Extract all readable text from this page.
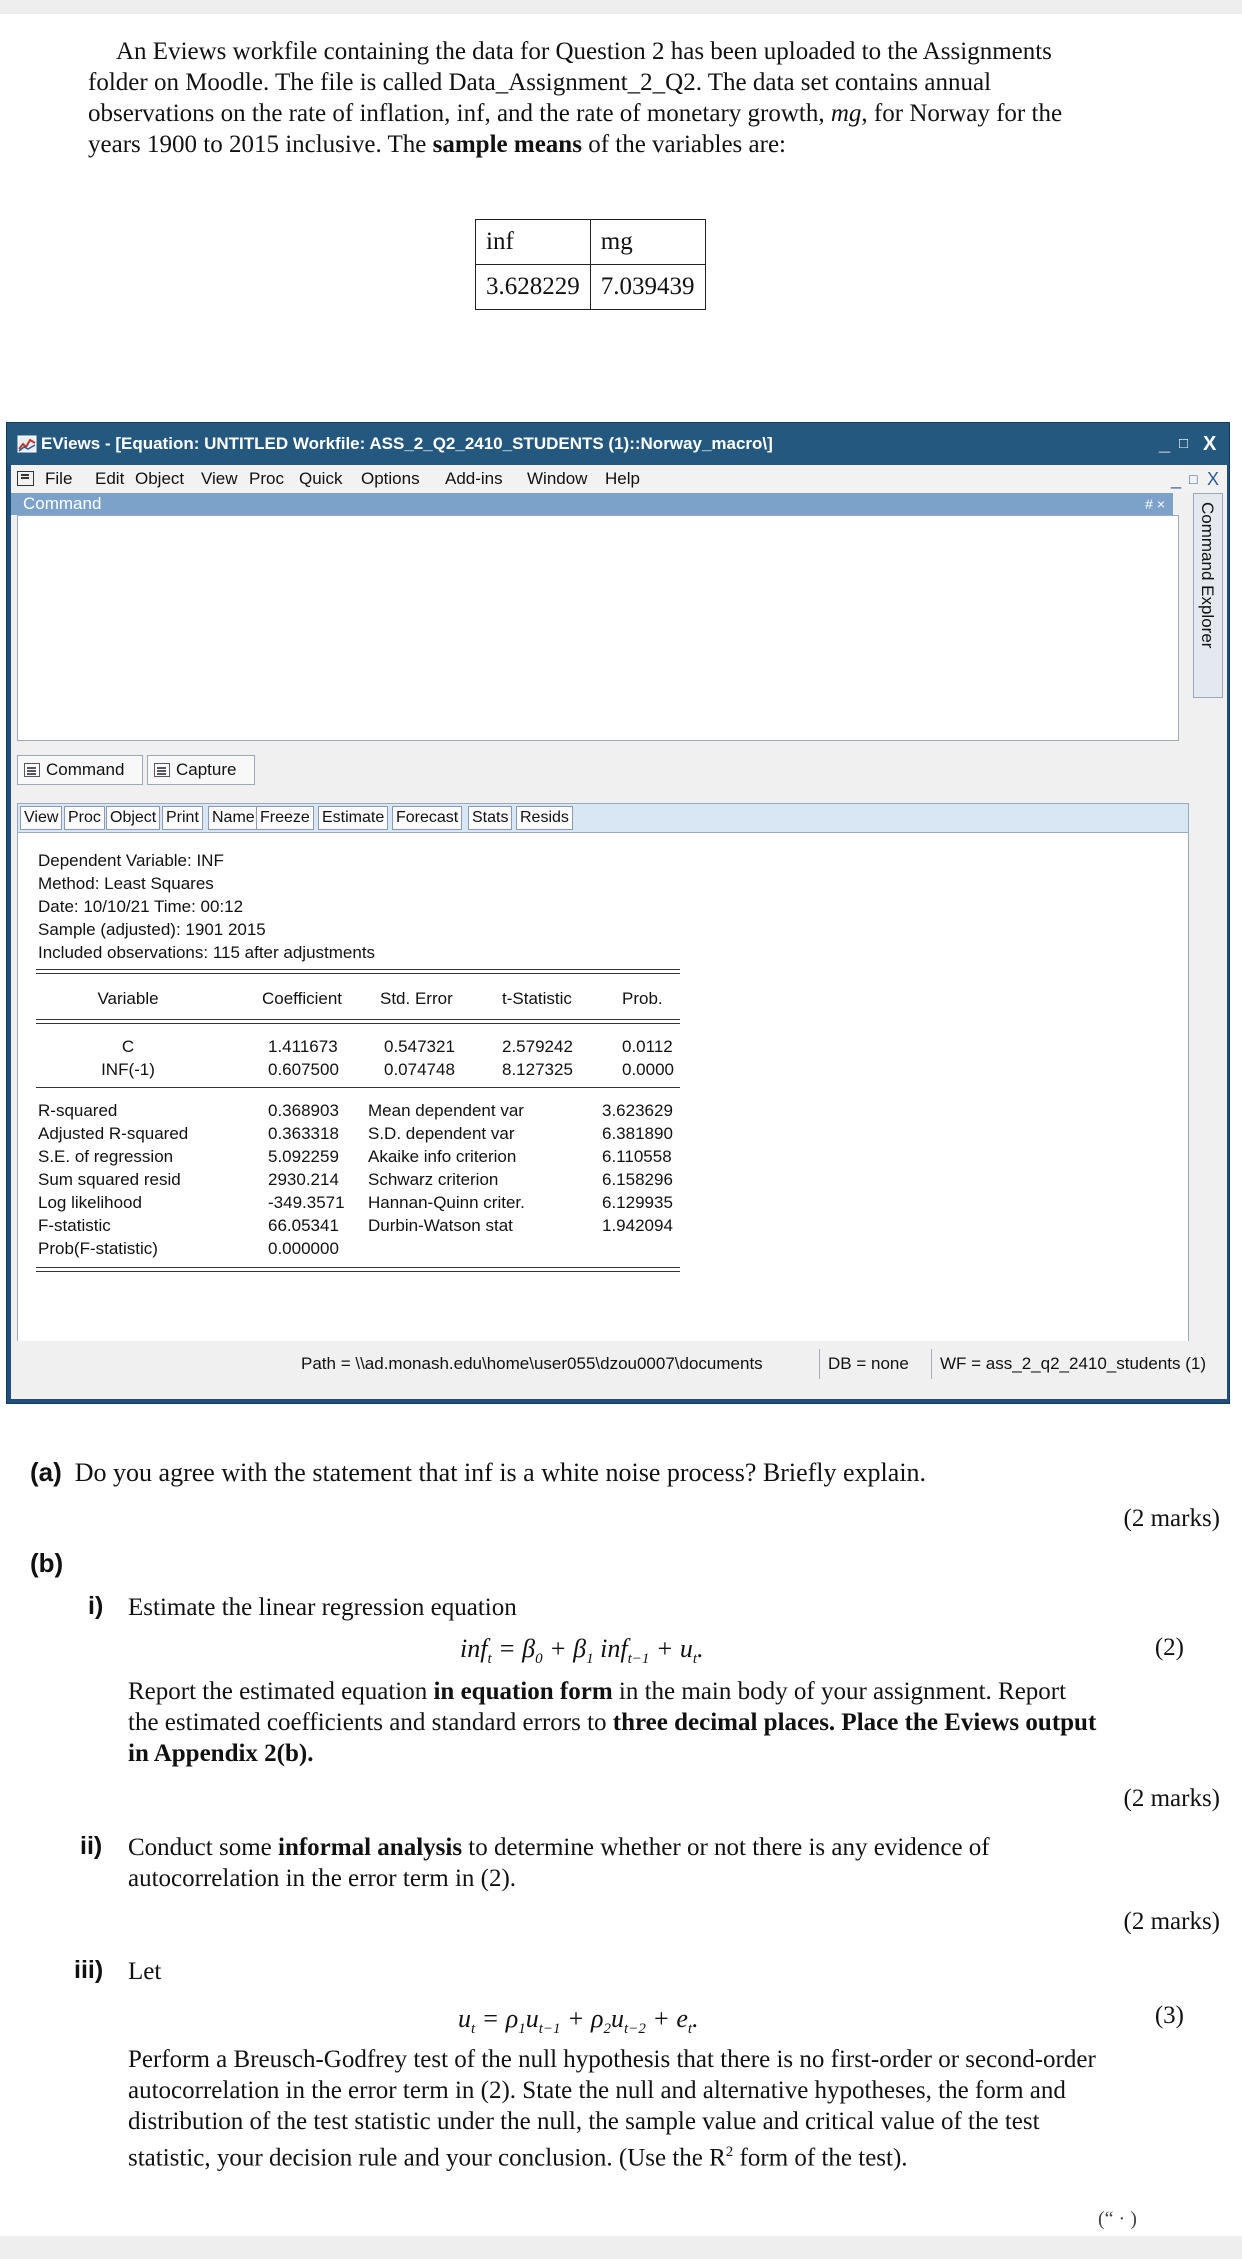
An Eviews workfile containing the data for Question 2 has been uploaded to the Assignments folder on Moodle. The file is called Data_Assignment_2_Q2. The data set contains annual observations on the rate of inflation, inf, and the rate of monetary growth, mg, for Norway for the years 1900 to 2015 inclusive. The sample means of the variables are:

inf	mg
3.628229	7.039439
EViews - [Equation: UNTITLED Workfile: ASS_2_Q2_2410_STUDENTS (1)::Norway_macro\]	_ □ X
File Edit Object View Proc Quick Options Add-ins Window Help	_ □ X
Command	# × Command Explorer
Command	Capture
View Proc Object Print Name Freeze Estimate Forecast Stats Resids
Dependent Variable: INF
Method: Least Squares
Date: 10/10/21 Time: 00:12
Sample (adjusted): 1901 2015
Included observations: 115 after adjustments
Variable	Coefficient Std. Error	t-Statistic	Prob.
C	1.411673	0.547321	2.579242	0.0112
INF(-1)	0.607500	0.074748	8.127325	0.0000
R-squared	0.368903 Mean dependent var	3.623629
Adjusted R-squared	0.363318 S.D. dependent var	6.381890
S.E. of regression	5.092259 Akaike info criterion	6.110558
Sum squared resid	2930.214 Schwarz criterion	6.158296
Log likelihood	-349.3571 Hannan-Quinn criter.	6.129935
F-statistic	66.05341 Durbin-Watson stat	1.942094
Prob(F-statistic)	0.000000
Path = \\ad.monash.edu\home\user055\dzou0007\documents	DB = none	WF = ass_2_q2_2410_students (1)
(a) Do you agree with the statement that inf is a white noise process? Briefly explain.
(2 marks)
(b)
i) Estimate the linear regression equation
$inf_t = \beta_0 + \beta_1$ $inf_{t-1} + u_t$.	(2)
Report the estimated equation in equation form in the main body of your assignment. Report the estimated coefficients and standard errors to three decimal places. Place the Eviews output in Appendix 2(b).
(2 marks)
ii) Conduct some informal analysis to determine whether or not there is any evidence of autocorrelation in the error term in (2).
(2 marks)
iii) Let
$u_t = \rho_1u_{t-1} + \rho_2u_{t-2} + e_t$.	(3)
Perform a Breusch-Godfrey test of the null hypothesis that there is no first-order or second-order autocorrelation in the error term in (2). State the null and alternative hypotheses, the form and distribution of the test statistic under the null, the sample value and critical value of the test statistic, your decision rule and your conclusion. (Use the $R^2$ form of the test).
(“ · )
